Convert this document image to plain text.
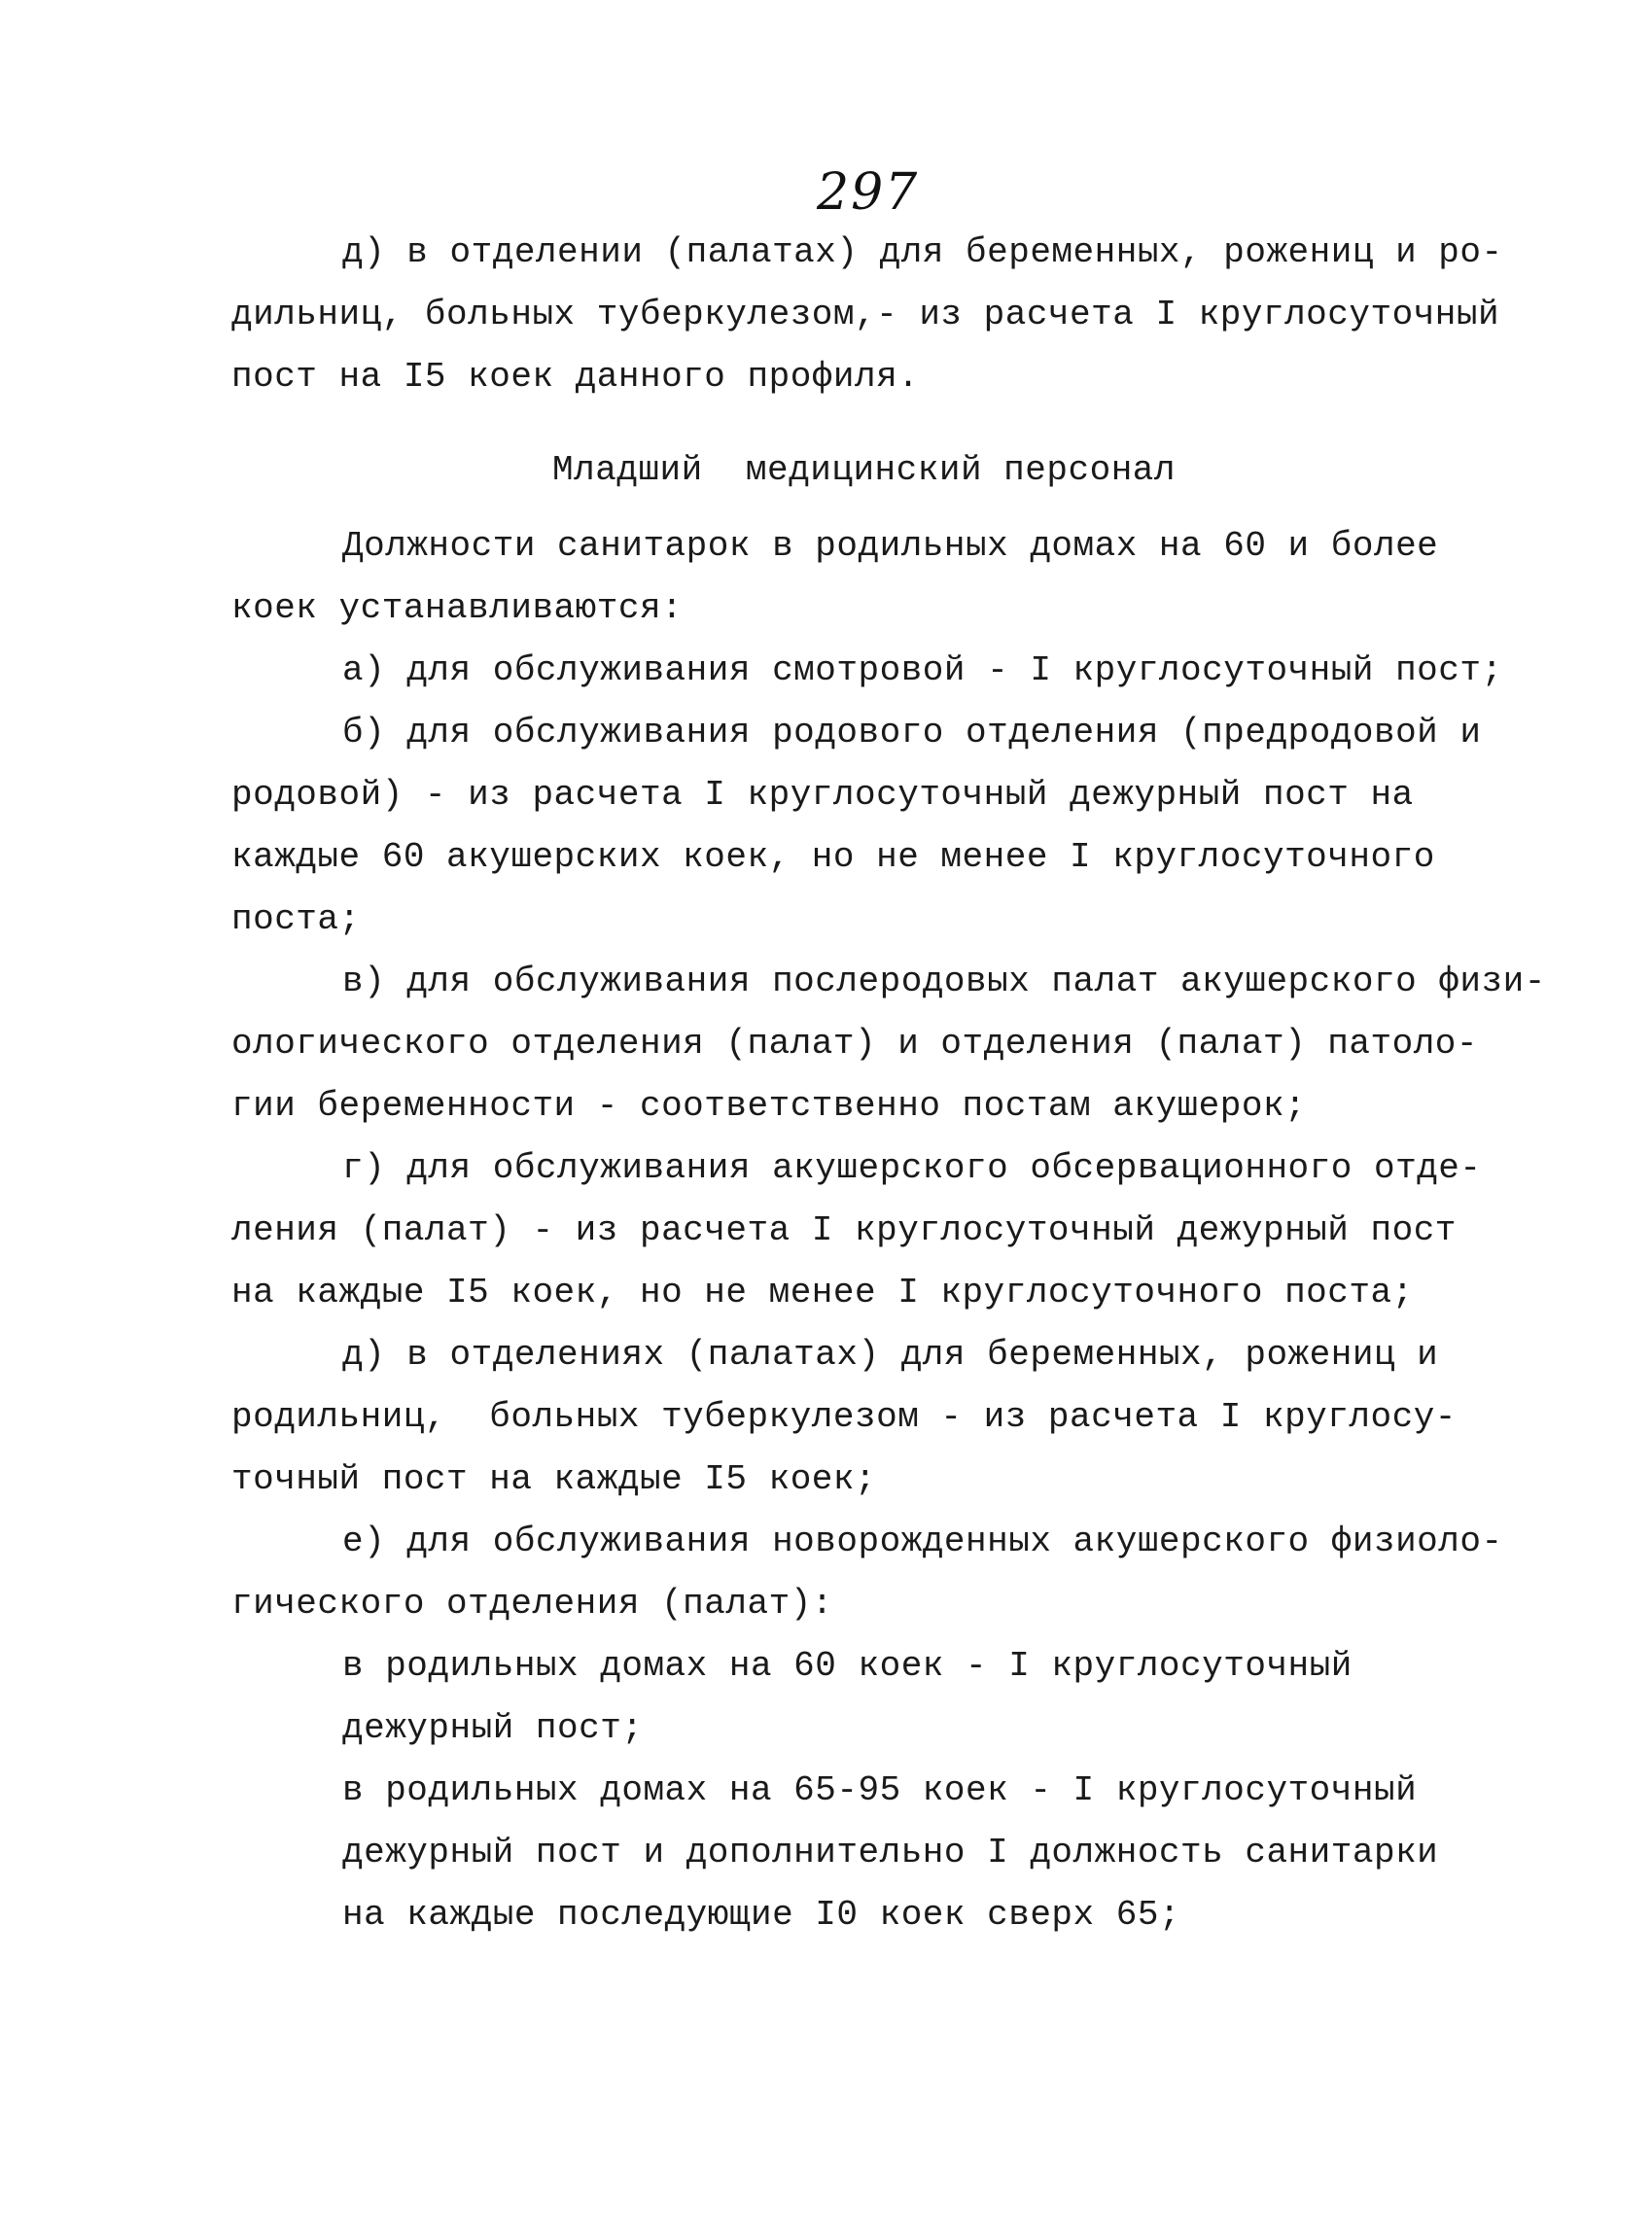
297
д) в отделении (палатах) для беременных, рожениц и ро-
дильниц, больных туберкулезом,- из расчета I круглосуточный
пост на I5 коек данного профиля.
Младший  медицинский персонал
Должности санитарок в родильных домах на 60 и более
коек устанавливаются:
а) для обслуживания смотровой - I круглосуточный пост;
б) для обслуживания родового отделения (предродовой и
родовой) - из расчета I круглосуточный дежурный пост на
каждые 60 акушерских коек, но не менее I круглосуточного
поста;
в) для обслуживания послеродовых палат акушерского физи-
ологического отделения (палат) и отделения (палат) патоло-
гии беременности - соответственно постам акушерок;
г) для обслуживания акушерского обсервационного отде-
ления (палат) - из расчета I круглосуточный дежурный пост
на каждые I5 коек, но не менее I круглосуточного поста;
д) в отделениях (палатах) для беременных, рожениц и
родильниц,  больных туберкулезом - из расчета I круглосу-
точный пост на каждые I5 коек;
е) для обслуживания новорожденных акушерского физиоло-
гического отделения (палат):
в родильных домах на 60 коек - I круглосуточный
дежурный пост;
в родильных домах на 65-95 коек - I круглосуточный
дежурный пост и дополнительно I должность санитарки
на каждые последующие I0 коек сверх 65;
